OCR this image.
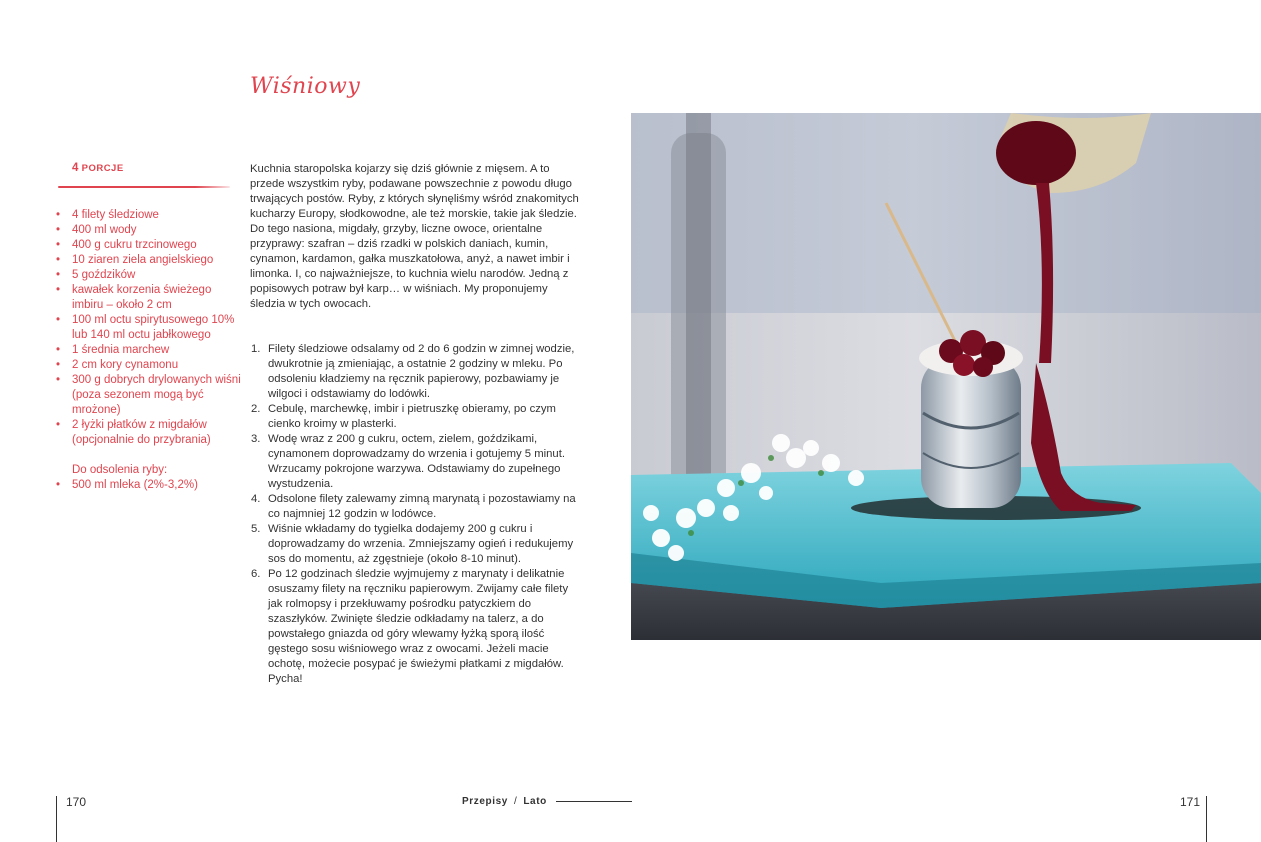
Wiśniowy
4 PORCJE
• 4 filety śledziowe
• 400 ml wody
• 400 g cukru trzcinowego
• 10 ziaren ziela angielskiego
• 5 goździków
• kawałek korzenia świeżego imbiru – około 2 cm
• 100 ml octu spirytusowego 10% lub 140 ml octu jabłkowego
• 1 średnia marchew
• 2 cm kory cynamonu
• 300 g dobrych drylowanych wiśni (poza sezonem mogą być mrożone)
• 2 łyżki płatków z migdałów (opcjonalnie do przybrania)
Do odsolenia ryby:
• 500 ml mleka (2%-3,2%)

Kuchnia staropolska kojarzy się dziś głównie z mięsem. A to przede wszystkim ryby, podawane powszechnie z powodu długo trwających postów. Ryby, z których słynęliśmy wśród znakomitych kucharzy Europy, słodkowodne, ale też morskie, takie jak śledzie. Do tego nasiona, migdały, grzyby, liczne owoce, orientalne przyprawy: szafran – dziś rzadki w polskich daniach, kumin, cynamon, kardamon, gałka muszkatołowa, anyż, a nawet imbir i limonka. I, co najważniejsze, to kuchnia wielu narodów. Jedną z popisowych potraw był karp… w wiśniach. My proponujemy śledzia w tych owocach.

1. Filety śledziowe odsalamy od 2 do 6 godzin w zimnej wodzie, dwukrotnie ją zmieniając, a ostatnie 2 godziny w mleku. Po odsoleniu kładziemy na ręcznik papierowy, pozbawiamy je wilgoci i odstawiamy do lodówki.
2. Cebulę, marchewkę, imbir i pietruszkę obieramy, po czym cienko kroimy w plasterki.
3. Wodę wraz z 200 g cukru, octem, zielem, goździkami, cynamonem doprowadzamy do wrzenia i gotujemy 5 minut. Wrzucamy pokrojone warzywa. Odstawiamy do zupełnego wystudzenia.
4. Odsolone filety zalewamy zimną marynatą i pozostawiamy na co najmniej 12 godzin w lodówce.
5. Wiśnie wkładamy do tygielka dodajemy 200 g cukru i doprowadzamy do wrzenia. Zmniejszamy ogień i redukujemy sos do momentu, aż zgęstnieje (około 8-10 minut).
6. Po 12 godzinach śledzie wyjmujemy z marynaty i delikatnie osuszamy filety na ręczniku papierowym. Zwijamy całe filety jak rolmopsy i przekłuwamy pośrodku patyczkiem do szaszłyków. Zwinięte śledzie odkładamy na talerz, a do powstałego gniazda od góry wlewamy łyżką sporą ilość gęstego sosu wiśniowego wraz z owocami. Jeżeli macie ochotę, możecie posypać je świeżymi płatkami z migdałów. Pycha!
170	Przepisy / Lato	171
